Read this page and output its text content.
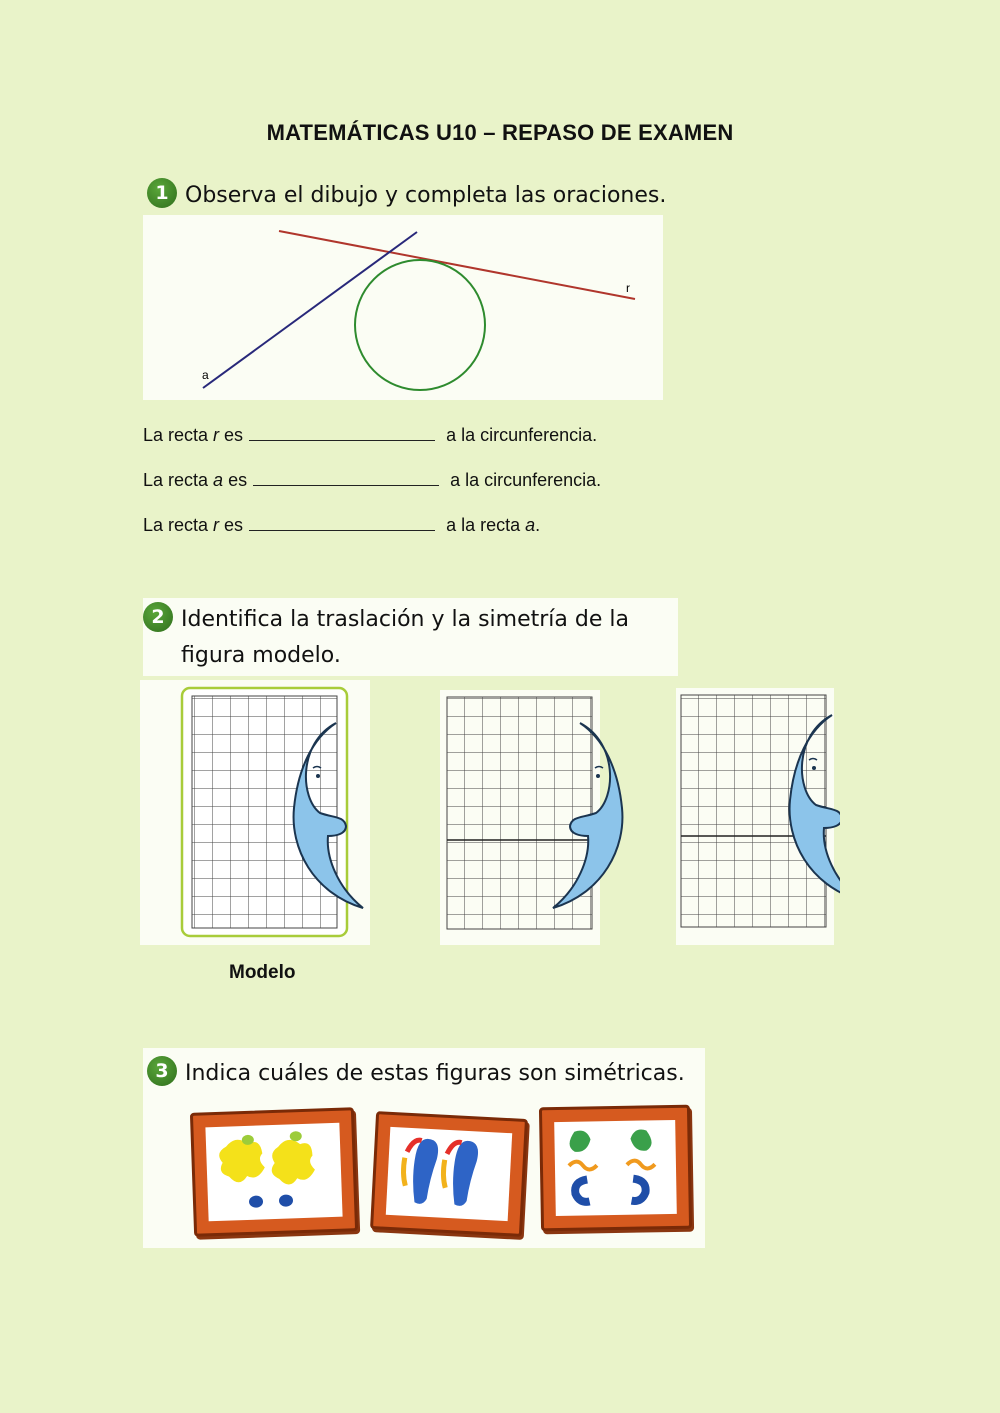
MATEMÁTICAS U10 – REPASO DE EXAMEN
1 Observa el dibujo y completa las oraciones.
r
a
La recta r es	a la circunferencia.
La recta a es	a la circunferencia.
La recta r es	a la recta a.
2 Identifica la traslación y la simetría de la
figura modelo.
Modelo
3 Indica cuáles de estas figuras son simétricas.
